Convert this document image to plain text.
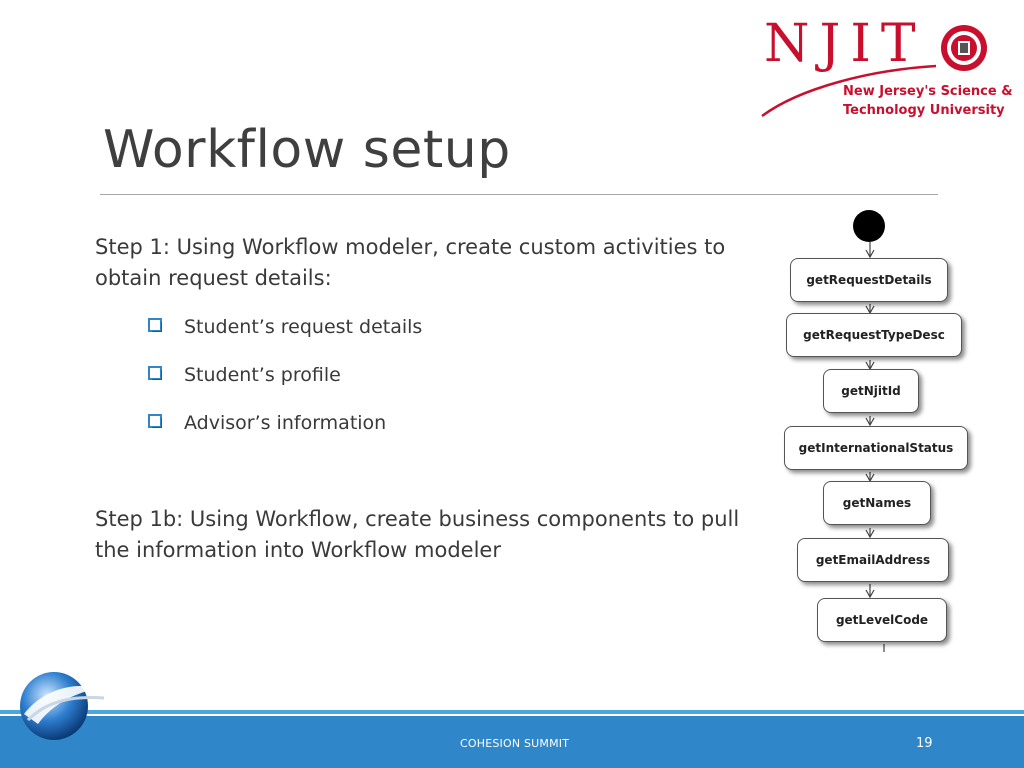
NJIT
New Jersey's Science &
Technology University
Workflow setup
Step 1: Using Workflow modeler, create custom activities to obtain request details:
Student’s request details
Student’s profile
Advisor’s information
Step 1b: Using Workflow, create business components to pull the information into Workflow modeler
getRequestDetails
getRequestTypeDesc
getNjitId
getInternationalStatus
getNames
getEmailAddress
getLevelCode
COHESION SUMMIT	19
